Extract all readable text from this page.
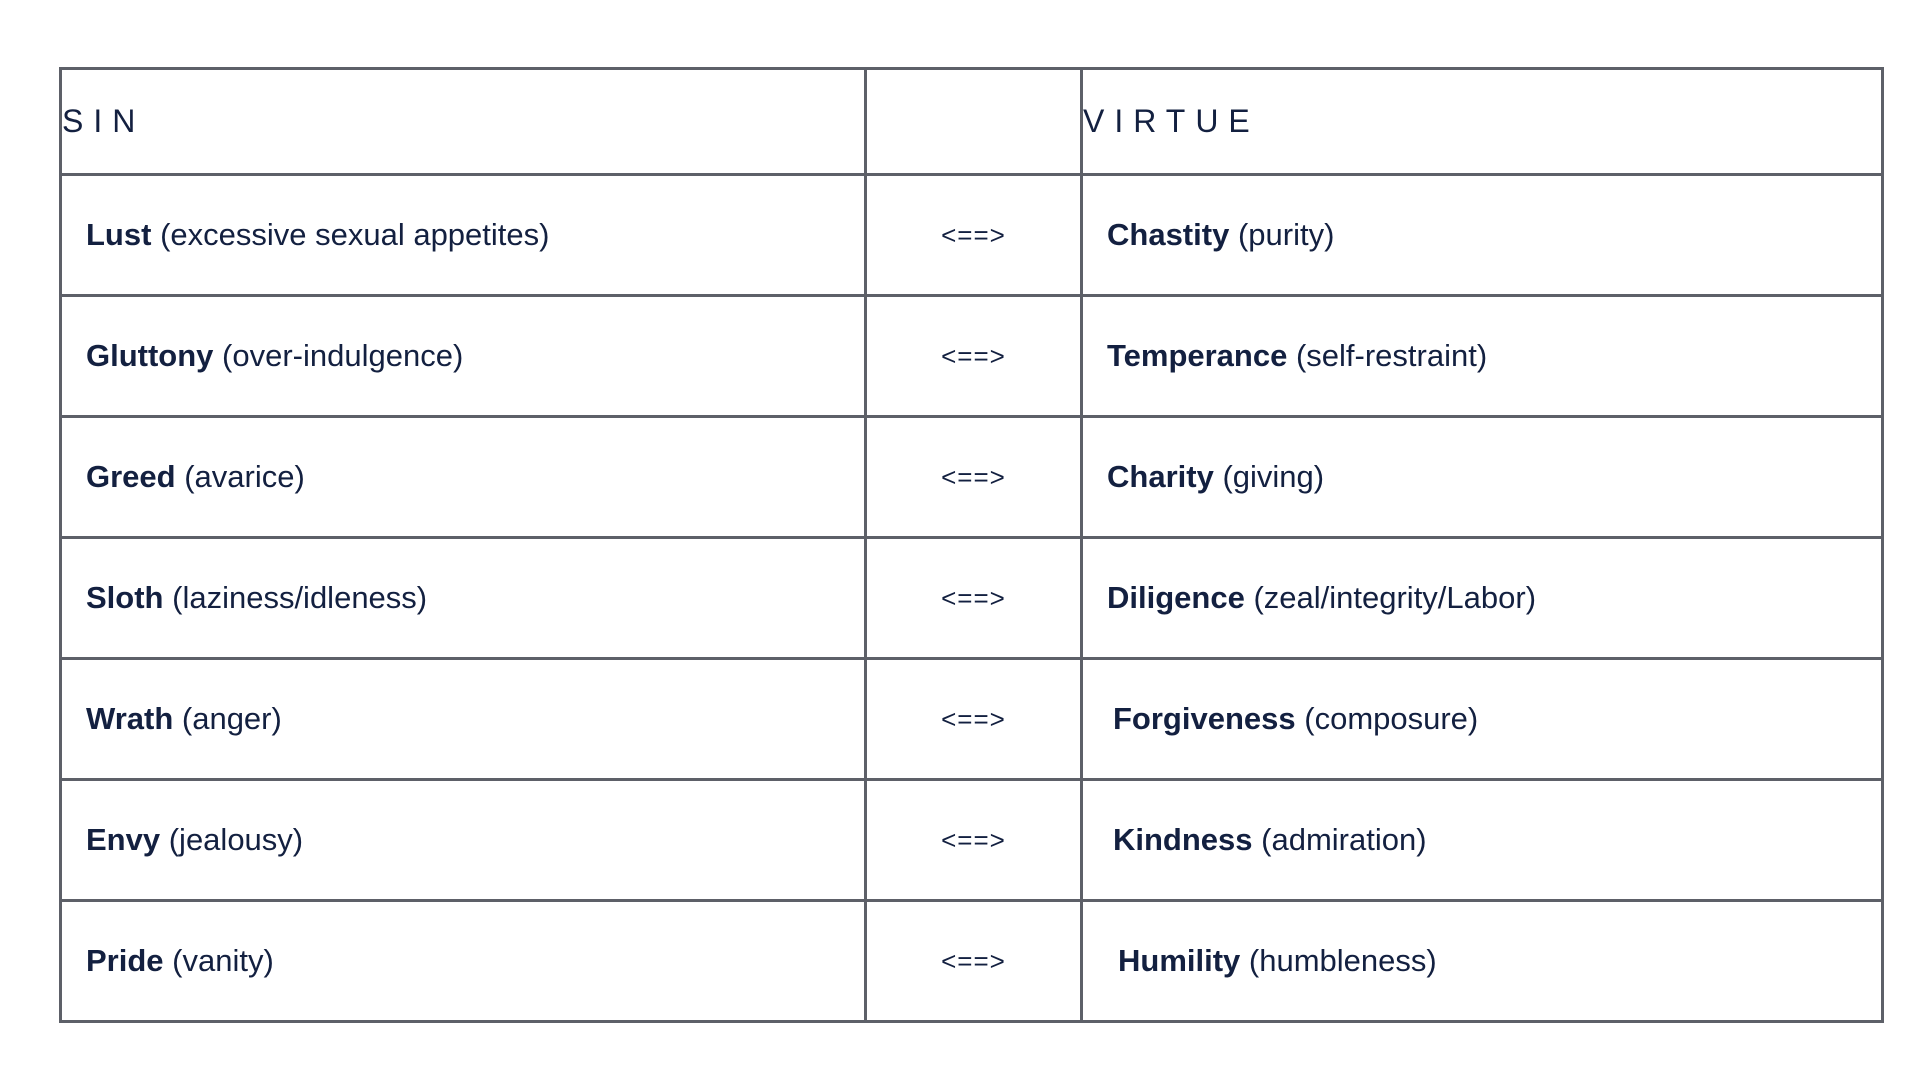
SIN		VIRTUE
Lust (excessive sexual appetites)	<==>	Chastity (purity)
Gluttony (over-indulgence)	<==>	Temperance (self-restraint)
Greed (avarice)	<==>	Charity (giving)
Sloth (laziness/idleness)	<==>	Diligence (zeal/integrity/Labor)
Wrath (anger)	<==>	Forgiveness (composure)
Envy (jealousy)	<==>	Kindness (admiration)
Pride (vanity)	<==>	Humility (humbleness)
